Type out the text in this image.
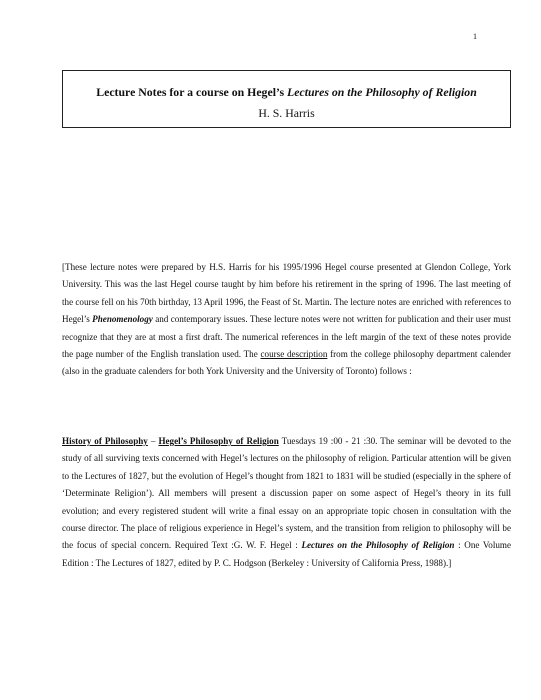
1
Lecture Notes for a course on Hegel’s Lectures on the Philosophy of Religion
H. S. Harris
[These lecture notes were prepared by H.S. Harris for his 1995/1996 Hegel course presented at Glendon College, York University. This was the last Hegel course taught by him before his retirement in the spring of 1996. The last meeting of the course fell on his 70th birthday, 13 April 1996, the Feast of St. Martin. The lecture notes are enriched with references to Hegel’s Phenomenology and contemporary issues. These lecture notes were not written for publication and their user must recognize that they are at most a first draft. The numerical references in the left margin of the text of these notes provide the page number of the English translation used. The course description from the college philosophy department calender (also in the graduate calenders for both York University and the University of Toronto) follows :
History of Philosophy – Hegel’s Philosophy of Religion Tuesdays 19 :00 - 21 :30. The seminar will be devoted to the study of all surviving texts concerned with Hegel’s lectures on the philosophy of religion. Particular attention will be given to the Lectures of 1827, but the evolution of Hegel’s thought from 1821 to 1831 will be studied (especially in the sphere of ‘Determinate Religion’). All members will present a discussion paper on some aspect of Hegel’s theory in its full evolution; and every registered student will write a final essay on an appropriate topic chosen in consultation with the course director. The place of religious experience in Hegel’s system, and the transition from religion to philosophy will be the focus of special concern. Required Text :G. W. F. Hegel : Lectures on the Philosophy of Religion : One Volume Edition : The Lectures of 1827, edited by P. C. Hodgson (Berkeley : University of California Press, 1988).]
